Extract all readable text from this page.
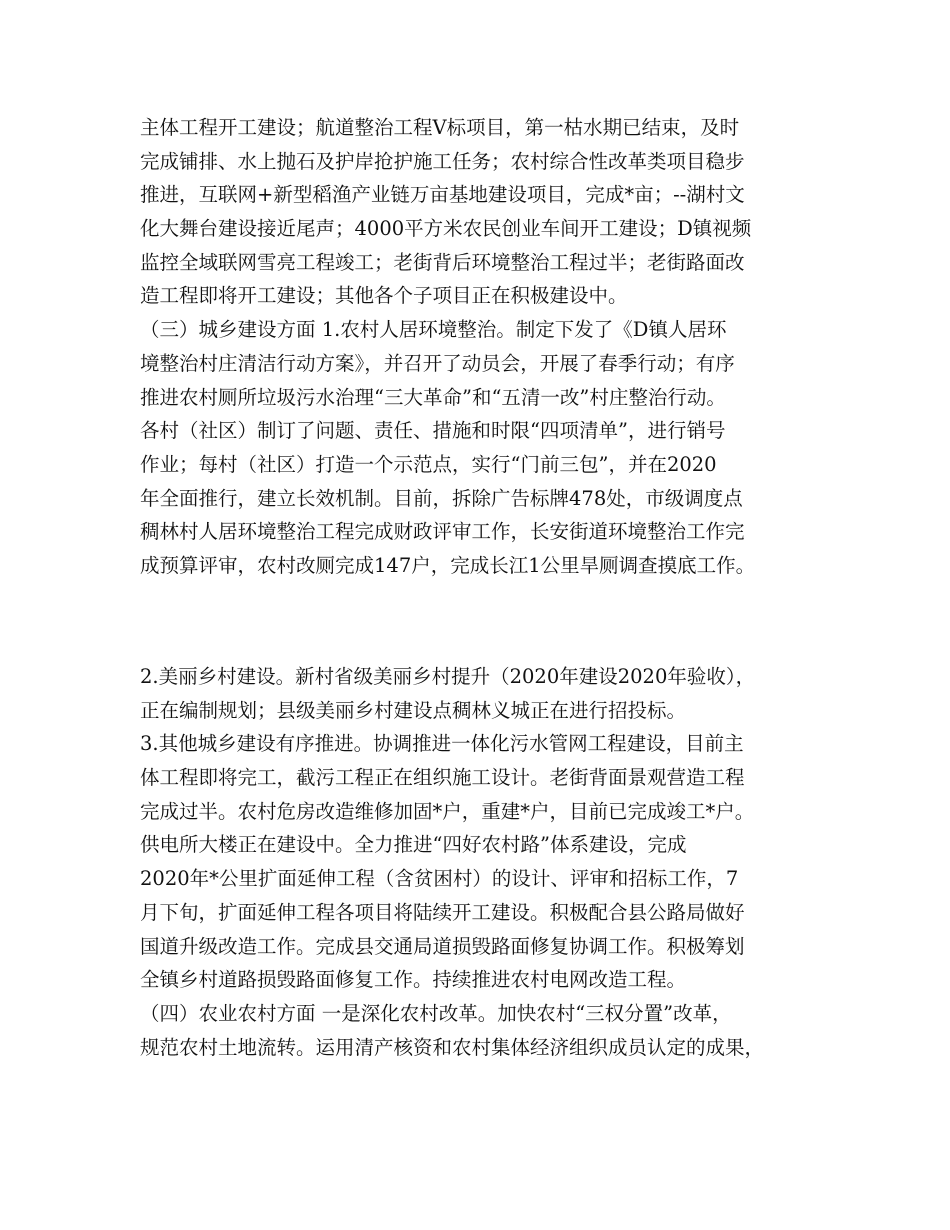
主体工程开工建设；航道整治工程Ⅴ标项目，第一枯水期已结束，及时
完成铺排、水上抛石及护岸抢护施工任务；农村综合性改革类项目稳步
推进，互联网+新型稻渔产业链万亩基地建设项目，完成*亩；--湖村文
化大舞台建设接近尾声；4000平方米农民创业车间开工建设；D镇视频
监控全域联网雪亮工程竣工；老街背后环境整治工程过半；老街路面改
造工程即将开工建设；其他各个子项目正在积极建设中。
（三）城乡建设方面 1.农村人居环境整治。制定下发了《D镇人居环
境整治村庄清洁行动方案》，并召开了动员会，开展了春季行动；有序
推进农村厕所垃圾污水治理“三大革命”和“五清一改”村庄整治行动。
各村（社区）制订了问题、责任、措施和时限“四项清单”，进行销号
作业；每村（社区）打造一个示范点，实行“门前三包”，并在2020
年全面推行，建立长效机制。目前，拆除广告标牌478处，市级调度点
稠林村人居环境整治工程完成财政评审工作，长安街道环境整治工作完
成预算评审，农村改厕完成147户，完成长江1公里旱厕调查摸底工作。
2.美丽乡村建设。新村省级美丽乡村提升（2020年建设2020年验收），
正在编制规划；县级美丽乡村建设点稠林义城正在进行招投标。
3.其他城乡建设有序推进。协调推进一体化污水管网工程建设，目前主
体工程即将完工，截污工程正在组织施工设计。老街背面景观营造工程
完成过半。农村危房改造维修加固*户，重建*户，目前已完成竣工*户。
供电所大楼正在建设中。全力推进“四好农村路”体系建设，完成
2020年*公里扩面延伸工程（含贫困村）的设计、评审和招标工作，7
月下旬，扩面延伸工程各项目将陆续开工建设。积极配合县公路局做好
国道升级改造工作。完成县交通局道损毁路面修复协调工作。积极筹划
全镇乡村道路损毁路面修复工作。持续推进农村电网改造工程。
（四）农业农村方面 一是深化农村改革。加快农村“三权分置”改革，
规范农村土地流转。运用清产核资和农村集体经济组织成员认定的成果，
